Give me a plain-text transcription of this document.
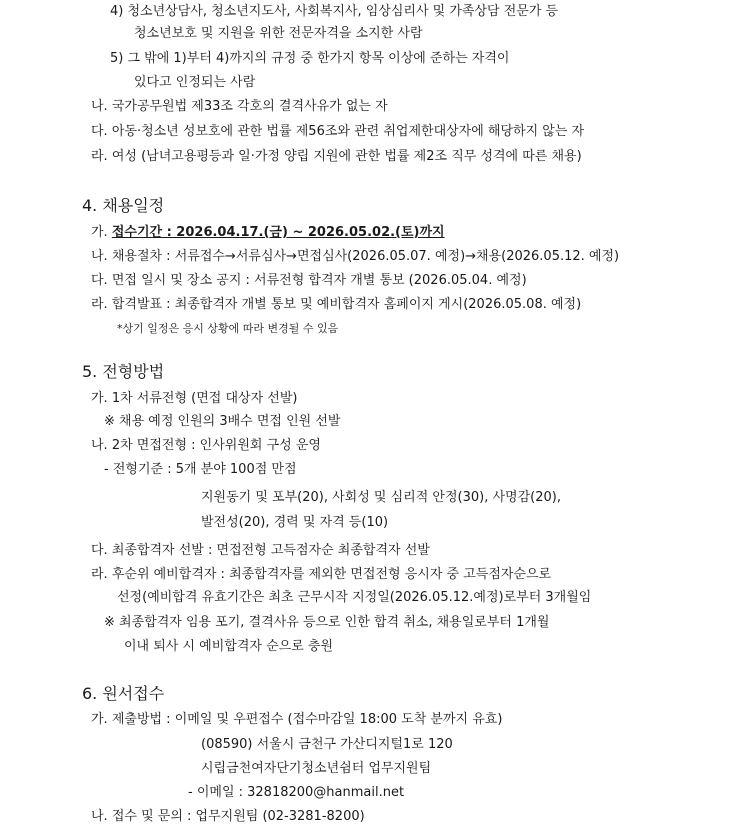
4) 청소년상담사, 청소년지도사, 사회복지사, 임상심리사 및 가족상담 전문가 등
청소년보호 및 지원을 위한 전문자격을 소지한 사람
5) 그 밖에 1)부터 4)까지의 규정 중 한가지 항목 이상에 준하는 자격이
있다고 인정되는 사람
나. 국가공무원법 제33조 각호의 결격사유가 없는 자
다. 아동·청소년 성보호에 관한 법률 제56조와 관련 취업제한대상자에 해당하지 않는 자
라. 여성 (남녀고용평등과 일·가정 양립 지원에 관한 법률 제2조 직무 성격에 따른 채용)
4. 채용일정
가. 접수기간 : 2026.04.17.(금) ~ 2026.05.02.(토)까지
나. 채용절차 : 서류접수→서류심사→면접심사(2026.05.07. 예정)→채용(2026.05.12. 예정)
다. 면접 일시 및 장소 공지 : 서류전형 합격자 개별 통보 (2026.05.04. 예정)
라. 합격발표 : 최종합격자 개별 통보 및 예비합격자 홈페이지 게시(2026.05.08. 예정)
*상기 일정은 응시 상황에 따라 변경될 수 있음
5. 전형방법
가. 1차 서류전형 (면접 대상자 선발)
※ 채용 예정 인원의 3배수 면접 인원 선발
나. 2차 면접전형 : 인사위원회 구성 운영
- 전형기준 : 5개 분야 100점 만점
지원동기 및 포부(20), 사회성 및 심리적 안정(30), 사명감(20),
발전성(20), 경력 및 자격 등(10)
다. 최종합격자 선발 : 면접전형 고득점자순 최종합격자 선발
라. 후순위 예비합격자 : 최종합격자를 제외한 면접전형 응시자 중 고득점자순으로
선정(예비합격 유효기간은 최초 근무시작 지정일(2026.05.12.예정)로부터 3개월임
※ 최종합격자 임용 포기, 결격사유 등으로 인한 합격 취소, 채용일로부터 1개월
이내 퇴사 시 예비합격자 순으로 충원
6. 원서접수
가. 제출방법 : 이메일 및 우편접수 (접수마감일 18:00 도착 분까지 유효)
(08590) 서울시 금천구 가산디지털1로 120
시립금천여자단기청소년쉼터 업무지원팀
- 이메일 : 32818200@hanmail.net
나. 접수 및 문의 : 업무지원팀 (02-3281-8200)
